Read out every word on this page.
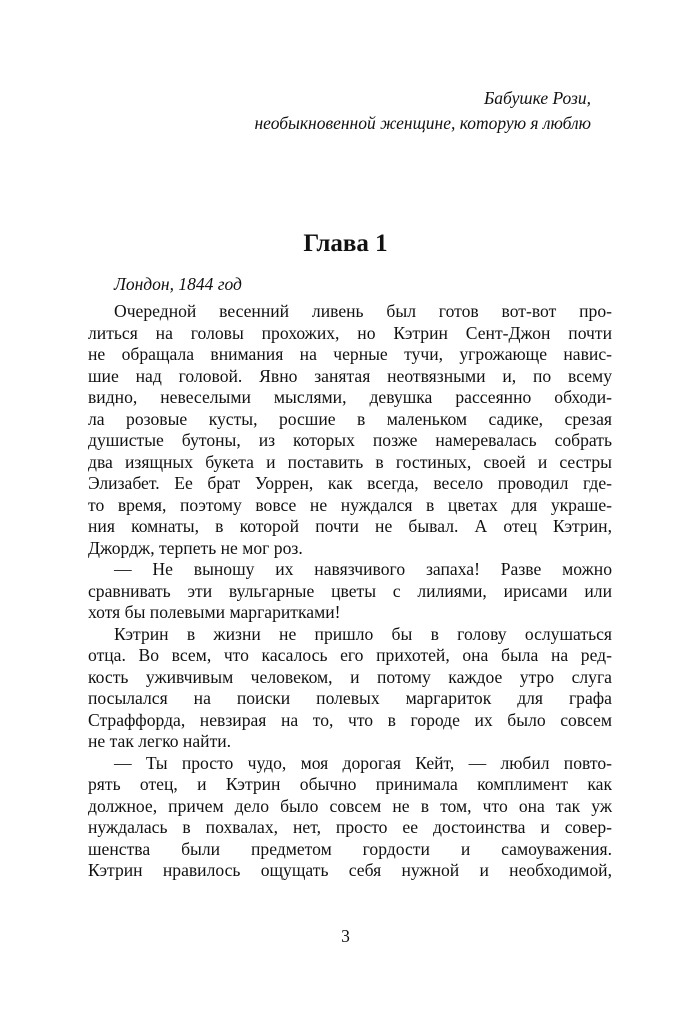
Бабушке Рози,
необыкновенной женщине, которую я люблю
Глава 1
Лондон, 1844 год
Очередной весенний ливень был готов вот-вот про-
литься на головы прохожих, но Кэтрин Сент-Джон почти
не обращала внимания на черные тучи, угрожающе навис-
шие над головой. Явно занятая неотвязными и, по всему
видно, невеселыми мыслями, девушка рассеянно обходи-
ла розовые кусты, росшие в маленьком садике, срезая
душистые бутоны, из которых позже намеревалась собрать
два изящных букета и поставить в гостиных, своей и сестры
Элизабет. Ее брат Уоррен, как всегда, весело проводил где-
то время, поэтому вовсе не нуждался в цветах для украше-
ния комнаты, в которой почти не бывал. А отец Кэтрин,
Джордж, терпеть не мог роз.
— Не выношу их навязчивого запаха! Разве можно
сравнивать эти вульгарные цветы с лилиями, ирисами или
хотя бы полевыми маргаритками!
Кэтрин в жизни не пришло бы в голову ослушаться
отца. Во всем, что касалось его прихотей, она была на ред-
кость уживчивым человеком, и потому каждое утро слуга
посылался на поиски полевых маргариток для графа
Страффорда, невзирая на то, что в городе их было совсем
не так легко найти.
— Ты просто чудо, моя дорогая Кейт, — любил повто-
рять отец, и Кэтрин обычно принимала комплимент как
должное, причем дело было совсем не в том, что она так уж
нуждалась в похвалах, нет, просто ее достоинства и совер-
шенства были предметом гордости и самоуважения.
Кэтрин нравилось ощущать себя нужной и необходимой,
3
